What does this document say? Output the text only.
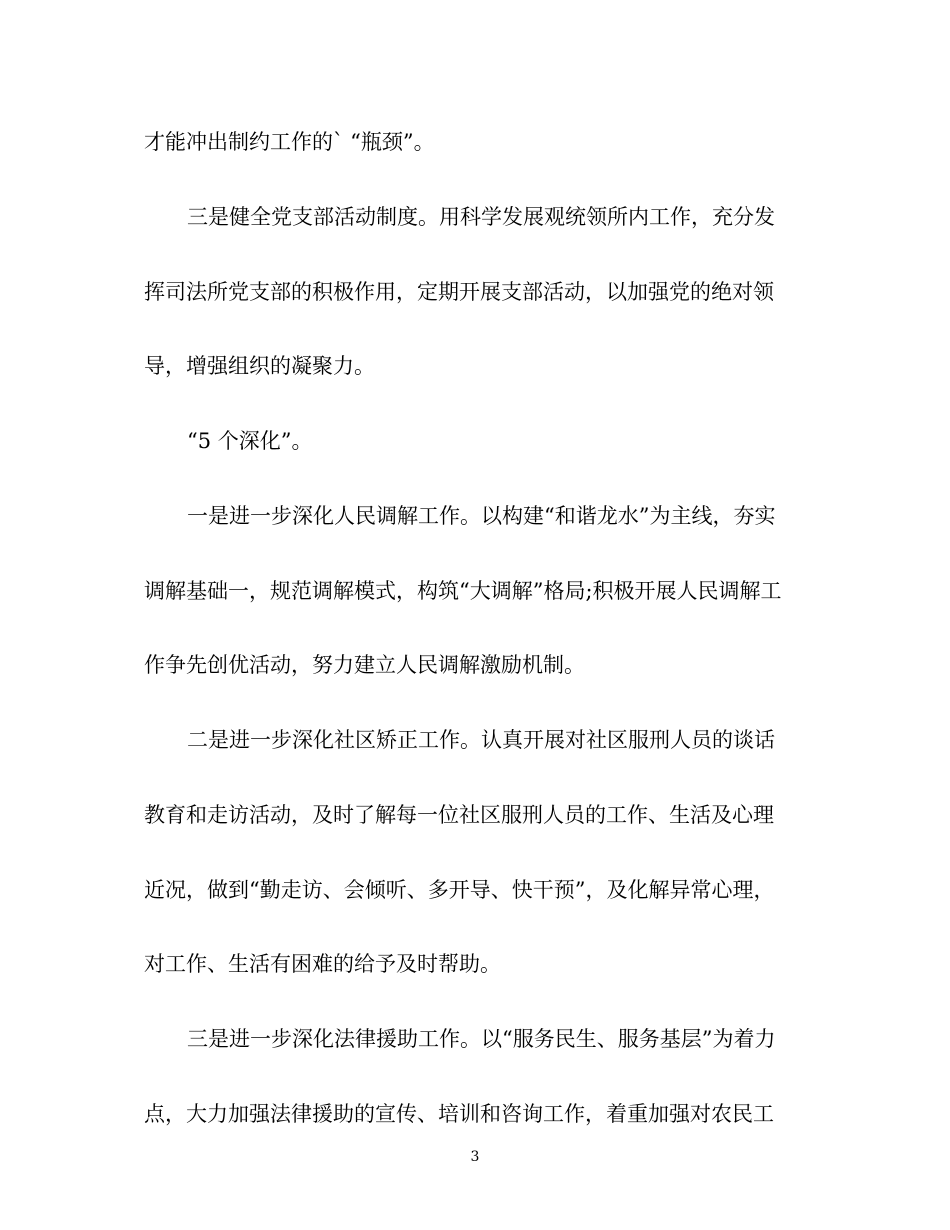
才能冲出制约工作的` “瓶颈”。
三是健全党支部活动制度。用科学发展观统领所内工作，充分发
挥司法所党支部的积极作用，定期开展支部活动，以加强党的绝对领
导，增强组织的凝聚力。
“5 个深化”。
一是进一步深化人民调解工作。以构建“和谐龙水”为主线，夯实
调解基础一，规范调解模式，构筑“大调解”格局;积极开展人民调解工
作争先创优活动，努力建立人民调解激励机制。
二是进一步深化社区矫正工作。认真开展对社区服刑人员的谈话
教育和走访活动，及时了解每一位社区服刑人员的工作、生活及心理
近况，做到“勤走访、会倾听、多开导、快干预”，及化解异常心理，
对工作、生活有困难的给予及时帮助。
三是进一步深化法律援助工作。以“服务民生、服务基层”为着力
点，大力加强法律援助的宣传、培训和咨询工作，着重加强对农民工
3
